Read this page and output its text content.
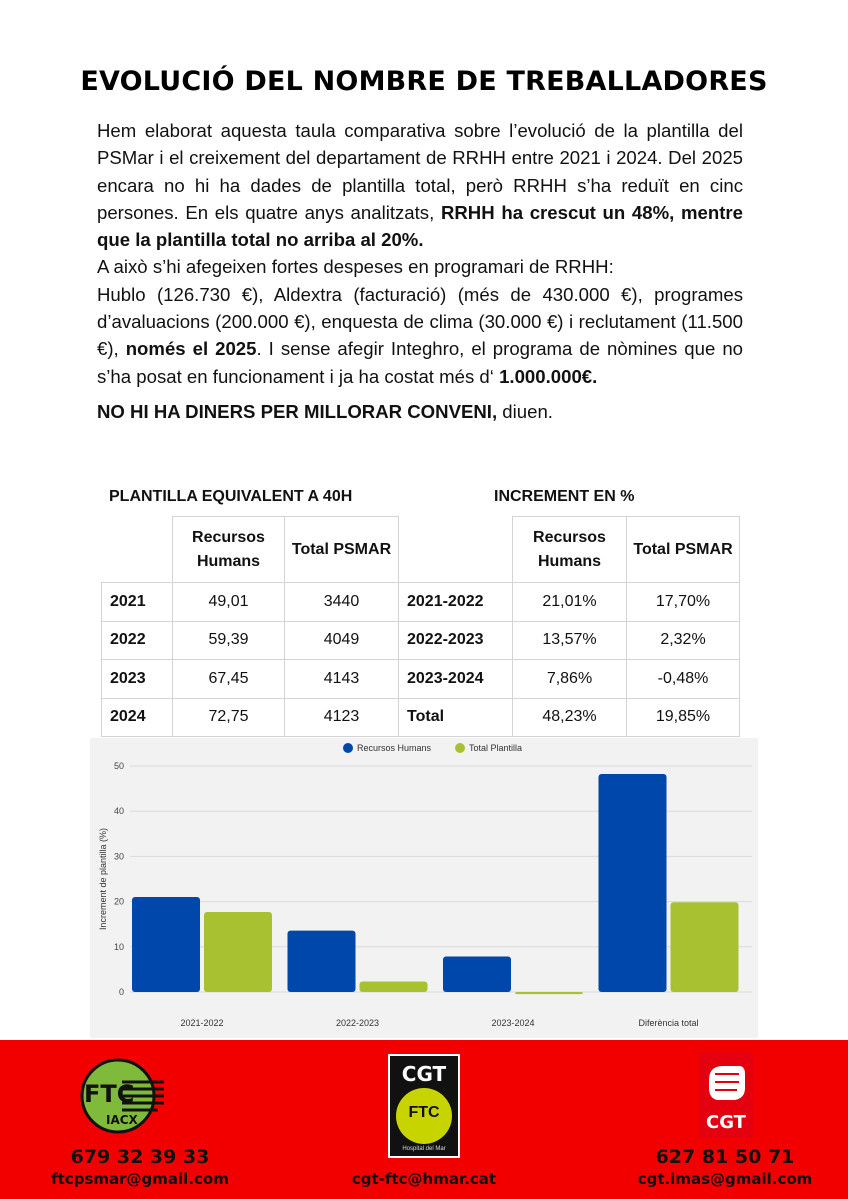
EVOLUCIÓ DEL NOMBRE DE TREBALLADORES

Hem elaborat aquesta taula comparativa sobre l’evolució de la plantilla del PSMar i el creixement del departament de RRHH entre 2021 i 2024. Del 2025 encara no hi ha dades de plantilla total, però RRHH s’ha reduït en cinc persones. En els quatre anys analitzats, RRHH ha crescut un 48%, mentre que la plantilla total no arriba al 20%.

A això s’hi afegeixen fortes despeses en programari de RRHH:

Hublo (126.730 €), Aldextra (facturació) (més de 430.000 €), programes d’avaluacions (200.000 €), enquesta de clima (30.000 €) i reclutament (11.500 €), només el 2025. I sense afegir Integhro, el programa de nòmines que no s’ha posat en funcionament i ja ha costat més d‘ 1.000.000€.

NO HI HA DINERS PER MILLORAR CONVENI, diuen.

PLANTILLA EQUIVALENT A 40H	INCREMENT EN %
	Recursos Humans	Total PSMAR		Recursos Humans	Total PSMAR
2021	49,01	3440	2021-2022	21,01%	17,70%
2022	59,39	4049	2022-2023	13,57%	2,32%
2023	67,45	4143	2023-2024	7,86%	-0,48%
2024	72,75	4123	Total	48,23%	19,85%
0
10
20
30
40
50
Increment de plantilla (%)
2021-2022	2022-2023	2023-2024	Diferència total
Recursos Humans	Total Plantilla
FTC
IACX
CGT
FTC
Hospital del Mar
CGT
679 32 39 33
ftcpsmar@gmail.com	cgt-ftc@hmar.cat
627 81 50 71
cgt.imas@gmail.com
